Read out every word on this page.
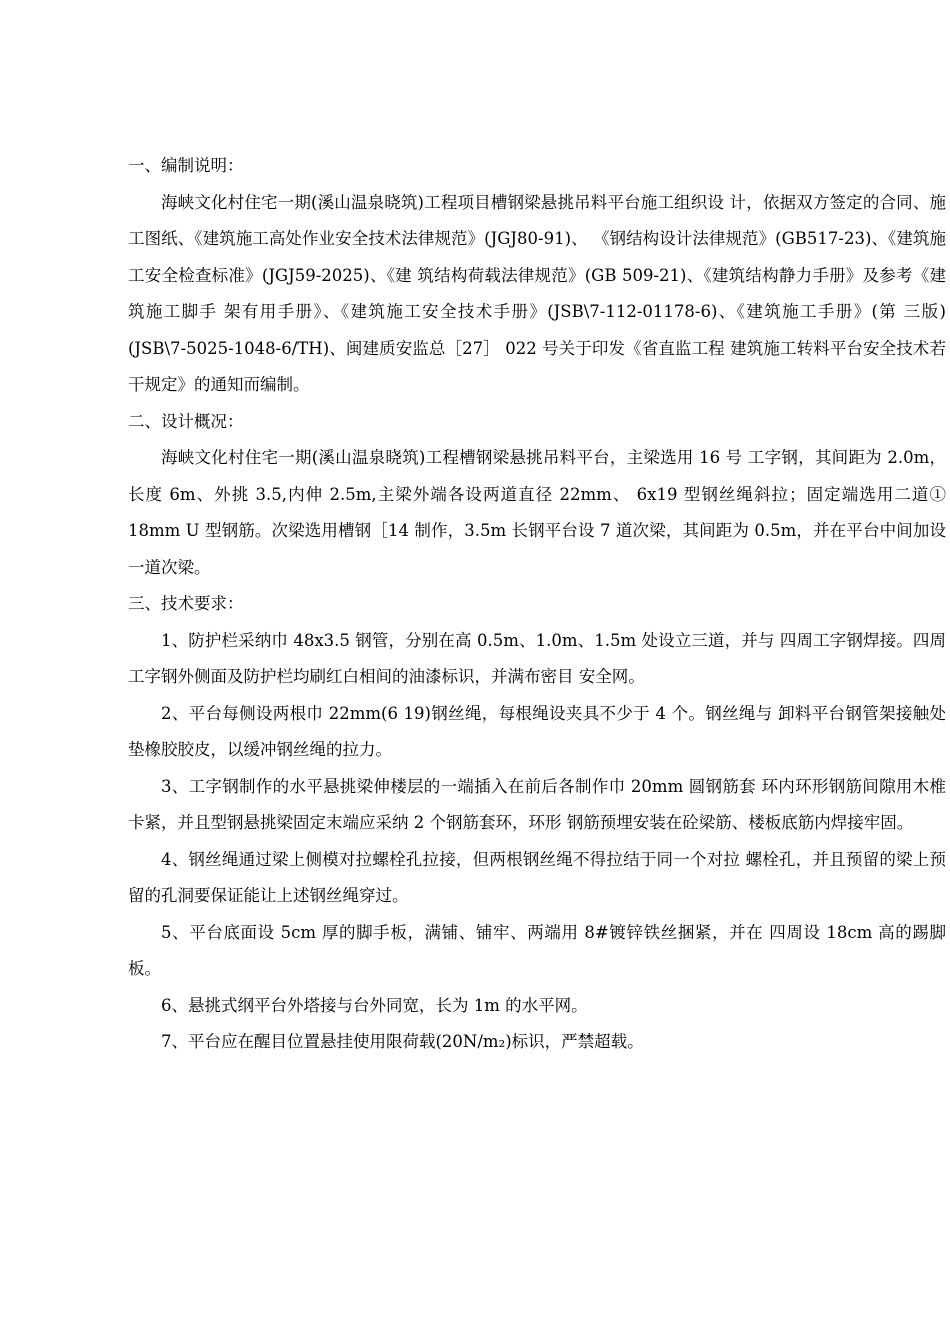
一、编制说明：

海峡文化村住宅一期(溪山温泉晓筑)工程项目槽钢梁悬挑吊料平台施工组织设 计，依据双方签定的合同、施工图纸、《建筑施工高处作业安全技术法律规范》(JGJ80-91)、 《钢结构设计法律规范》(GB517-23)、《建筑施工安全检查标准》(JGJ59-2025)、《建 筑结构荷载法律规范》(GB 509-21)、《建筑结构静力手册》及参考《建筑施工脚手 架有用手册》、《建筑施工安全技术手册》(JSB\7-112-01178-6)、《建筑施工手册》(第 三版)(JSB\7-5025-1048-6/TH)、闽建质安监总［27］ 022 号关于印发《省直监工程 建筑施工转料平台安全技术若干规定》的通知而编制。

二、设计概况：

海峡文化村住宅一期(溪山温泉晓筑)工程槽钢梁悬挑吊料平台，主梁选用 16 号 工字钢，其间距为 2.0m，长度 6m、外挑 3.5,内伸 2.5m,主梁外端各设两道直径 22mm、 6x19 型钢丝绳斜拉；固定端选用二道① 18mm U 型钢筋。次梁选用槽钢［14 制作，3.5m 长钢平台设 7 道次梁，其间距为 0.5m，并在平台中间加设一道次梁。

三、技术要求：

1、防护栏采纳巾 48x3.5 钢管，分别在高 0.5m、1.0m、1.5m 处设立三道，并与 四周工字钢焊接。四周工字钢外侧面及防护栏均刷红白相间的油漆标识，并满布密目 安全网。

2、平台每侧设两根巾 22mm(6 19)钢丝绳，每根绳设夹具不少于 4 个。钢丝绳与 卸料平台钢管架接触处垫橡胶胶皮，以缓冲钢丝绳的拉力。

3、工字钢制作的水平悬挑梁伸楼层的一端插入在前后各制作巾 20mm 圆钢筋套 环内环形钢筋间隙用木椎卡紧，并且型钢悬挑梁固定末端应采纳 2 个钢筋套环，环形 钢筋预埋安装在砼梁筋、楼板底筋内焊接牢固。

4、钢丝绳通过梁上侧模对拉螺栓孔拉接，但两根钢丝绳不得拉结于同一个对拉 螺栓孔，并且预留的梁上预留的孔洞要保证能让上述钢丝绳穿过。

5、平台底面设 5cm 厚的脚手板，满铺、铺牢、两端用 8#镀锌铁丝捆紧，并在 四周设 18cm 高的踢脚板。

6、悬挑式纲平台外塔接与台外同宽，长为 1m 的水平网。

7、平台应在醒目位置悬挂使用限荷载(20N/m₂)标识，严禁超载。
